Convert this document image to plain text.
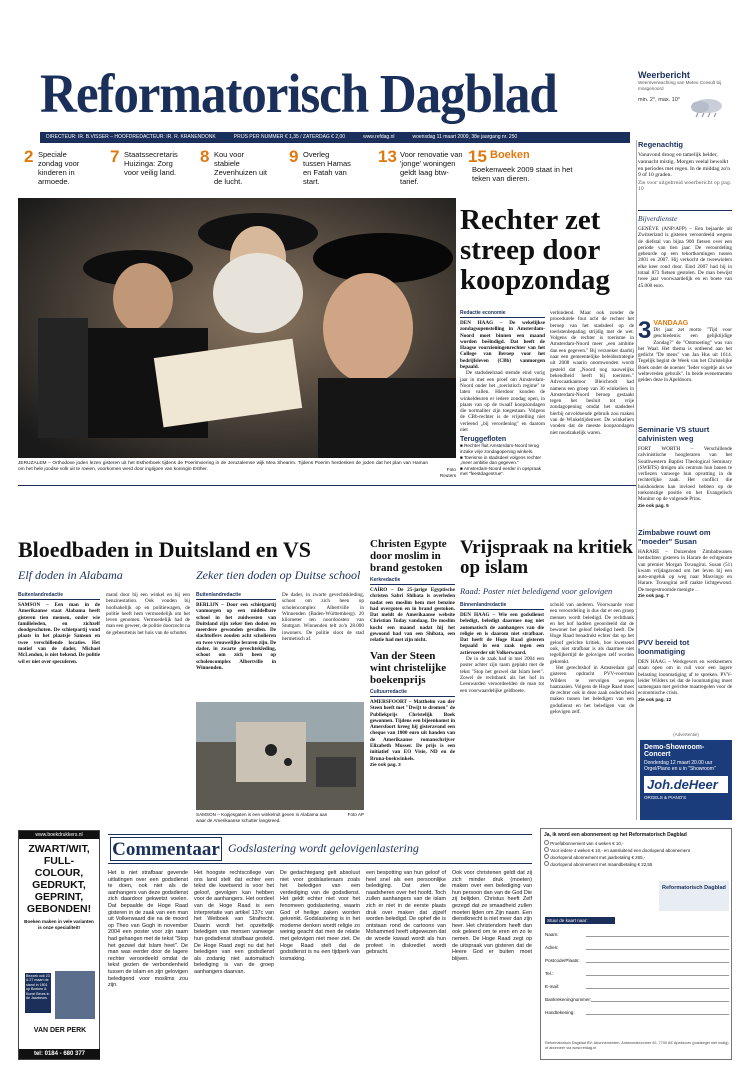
Reformatorisch Dagblad	Weerbericht
Weersverwachting van Meteo Consult bij mosgenoord
min. 2°, max. 10°
DIRECTEUR: IR. B.VISSER – HOOFDREDACTEUR: IR. R. KRANENDONK	PRIJS PER NUMMER € 1,35 / ZATERDAG € 2,00	www.refdag.nl	woensdag 11 maart 2009, 38e jaargang nr. 250
2 Speciale zondag voor kinderen in armoede.
7 Staatssecretaris Huizinga: Zorg voor veilig land.
8 Kou voor stabiele Zevenhuizen uit de lucht.
9 Overleg tussen Hamas en Fatah van start.
13 Voor renovatie van 'jonge' woningen geldt laag btw-tarief.
15 Boeken
Boekenweek 2009 staat in het teken van dieren.
Regenachtig
Vanavond droog en tamelijk helder, vannacht mistig. Morgen veelal bewolkt en periodes met regen. In de middag zo'n 9 of 10 graden.
Zie voor uitgebreid weerbericht op pag. 10
Bijverdienste
GENÈVE (ANP/AFP) – Een bejaarde uit Zwitserland is gisteren veroordeeld wegens de diefstal van bijna 900 fietsen over een periode van tien jaar. De veroordeling gebeurde op een tekortkomingen tussen 2001 en 2007. Hij verkocht de tweewielers elke keer rond door. Eind 2007 had hij in totaal 873 fietsen gestolen. De man bewijst twee jaar voorwaardelijk en en boete van 45.000 euro.
3 VANDAAG
Dit jaar zet motto "Tijd voor geschiedenis: een gelijktijdige Zondag?" de "Ontmoeting" was van het Waal. Het thema is ontleend aan het gedicht "De mens" van Jan Hus uit 1614. Tegelijk begint de Week van het Christelijke Boek onder de noemer "Ieder vogeltje als we weltevreden gebruik". In beide evenementen gelden deze in Apeldoorn.
Seminarie VS stuurt calvinisten weg
FORT WORTH – Verschillende calvinistische hoogleraren van het Southwestern Baptist Theological Seminary (SWBTS) dreigen als centrum hun banen te verliezen vanwege hun opvatting in de rechterlijke zaak. Het conflict die huishoudens kan invloed hebben op de toekomstige positie en het Evangelisch Monitor op de volgende Prins.
Zie ook pag. 5
Zimbabwe rouwt om "moeder" Susan
HARARE – Duizenden Zimbabwanen herdachten gisteren in Harare de echtgenote van premier Morgan Tsvangirai. Susan (51) kwam vrijdagavond om het leven bij een auto-ongeluk op weg naar Masvingo en Harare. Tsvangirai zelf raakte lichtgewond. De toegestroomde menigte ..
Zie ook pag. 7
PVV bereid tot loonmatiging
DEN HAAG – Werkgevers en werknemers staan open om in ruil voor een lagere belasting loonmatiging af te spreken. PVV-leider Wilders zei dat de loonmatiging moet samengaan met gerichte maatregelen voor de economische crisis.
Zie ook pag. 12
(Advertentie)
Demo-Showroom-Concert
Donderdag 12 maart 20.00 uur Orgel/Piano en u in "Showroom"
Joh.deHeer
ORGELS & PIANO'S
JERUZALEM – Orthodoxe joden lezen gisteren uit het Estherboek tijdens de Poerimviering in de Jeruzalemse wijk Mea Shearim. Tijdens Poerim herdenken de joden dat het plan van Haman om het hele joodse volk uit te roeien, voorkomen werd door ingrijpen van koningin Esther.	Foto Reuters
Rechter zet streep door koopzondag
Redactie economie
DEN HAAG – De wekelijkse zondagsopenstelling in Amsterdam-Noord moet binnen een maand worden beëindigd. Dat heeft de Haagse voorzieningenrechter van het College van Beroep voor het bedrijfsleven (CBb) vanmorgen bepaald.
De stadsdeelraad stemde eind vorig jaar in met een proef om Amsterdam-Noord onder het „toeristisch regime" te laten vallen. Hierdoor konden de winkeldeuren er iedere zondag open, in plaats van op de twaalf koopzondagen die normaliter zijn toegestaan. Volgens de CBb-rechter is de vrijstelling niet verleend „bij verordening" en daarom niet
Teruggefloten
■ Rechter fluit Amsterdam-Noord terug inzake vrije zondagopening winkels.
■ Toerisme in stadsdeel volgens rechter „meer ambitie dan gegeven."
■ Amsterdam-Noord eerder in opspraak met "feestdagentrue".
verbindend. Maar ook zonder de procedurele fout acht de rechter het beroep van het stadsdeel op de toeristenbepaling strijdig met de wet. Volgens de rechter is toerisme in Amsterdam-Noord meer „een ambitie dan een gegeven." Bij verzoeker daarbij naar een gemeentelijke beleidsstrategie uit 2008 waarin onomwonden wordt gesteld dat „Noord nog nauwelijks bekendheid heeft bij toeristen." Advocaatkantoor Bleichrodt had namens een groep van 36 winkeliers in Amsterdam-Noord beroep gestaakt tegen het besluit tot vrije zondagopening omdat het stadsdeel hierbij onvoldoende gebruik zou maken van de Winkeltijdenwet. De winkeliers vonden dat de meeste koopzondagen niet noodzakelijk waren.
Bloedbaden in Duitsland en VS
Elf doden in Alabama	Zeker tien doden op Duitse school
Buitenlandredactie
SAMSON – Een man in de Amerikaanse staat Alabama heeft gisteren tien mensen, onder wie familieleden, en zichzelf doodgeschoten. De schietpartij vond plaats in het plaatsje Samson en twee verschillende locaties. Het motief van de dader, Michael McLendon, is niet bekend. De politie wil er niet over speculeren.
mand door bij een winkel en bij een benzinestation. Ook vonden bij hoofsakelijk op en politiewagen, de politie heeft hem vermoedelijk om het leven genomen. Vermoedelijk had de man een geweer, de politie doorzocht na de gebeurtenis het huis van de schutter.
Buitenlandredactie
BERLIJN – Door een schietpartij vanmorgen op een middelbare school in het zuidwesten van Duitsland zijn zeker tien doden en meerdere gewonden gevallen. De slachtoffers zouden acht scholieren en twee vrouwelijke leraren zijn. De dader, in zwarte gevechtskleding, schoot om zich heen op scholencomplex Albertville in Winnenden.
De dader, in zwarte gevechtskleding, schoot om zich heen op scholencomplex Albertville in Winnenden (Baden-Württemberg). 20 kilometer ten noordoosten van Stuttgart. Winnenden telt zo'n 28.000 inwoners. De politie sloot de stad hermetisch af.
SAMSON – Kopjesgaten is een winkelruit geven in Alabama aan waar de Amerikaanse schutter langsreed.
Foto AP
Christen Egypte door moslim in brand gestoken
Kerkredactie
CAÏRO – De 25-jarige Egyptische christen Sabri Shibata is overleden nadat een moslim hem met benzine had overgoten en in brand gestoken. Dat meldt de Amerikaanse website Christian Today vandaag. De moslim kocht een maand nadat hij het gewoond had van een Shibata, een relatie had met zijn nicht.
Van der Steen wint christelijke boekenprijs
Cultuurredactie
AMERSFOORT – Matthelm van der Steen heeft met "Dwijt te dromen" de Publiekprijs Christelijk Boek gewonnen. Tijdens een bijeenkomst in Amersfoort kreeg hij gisteravond een cheque van 1000 euro uit handen van de Amerikaanse romanschrijver Elizabeth Musser. De prijs is een initiatief van EO Visie, ND en de Bruna-boekwinkels.
Zie ook pag. 3
Vrijspraak na kritiek op islam
Raad: Poster niet beledigend voor gelovigen
Binnenlandredactie
DEN HAAG – Wie een godsdienst beledigt, beledigt daarmee nog niet automatisch de aanhangers van die religie en is daarom niet strafbaar. Dat heeft de Hoge Raad gisteren bepaald in een zaak tegen een actievoerder uit Volkerwaard.
De in de zaak had in mei 2004 een poster achter zijn raam geplakt met de tekst "Stop het gezwel dat Islam heet". Zowel de rechtbank als het hof in Leeuwarden veroordeelden de man tot een voorwaardelijke geldboete.
schuld van anderen. Voorwaarde voor een veroordeling is dus dat er een groep mensen wordt beledigd. De rechtbank en het hof hadden geoordeeld dat de bewoner het geloof beledigd heeft. De Hoge Raad benadrukt echter dat op het geloof gerichte kritiek, hoe kwetsend ook, niet strafbaar is als daarmee niet tegelijkertijd de gelovigen zelf worden gekrenkt.
Het gerechtshof in Amsterdam gaf gisteren opdracht PVV-voorman Wilders te vervolgen wegens haatzaaien. Volgens de Hoge Raad moet de rechter ook in deze zaak onderscheid maken tussen het beledigen van een godsdienst en het beledigen van de gelovigen zelf.
www.boekdrukkers.nl
ZWART/WIT, FULL-COLOUR, GEDRUKT, GEPRINT, GEBONDEN!
Boeken maken in vele varianten is onze specialiteit!
Bezoek ook 23 & 27 maart de stand in 1801 op Boeken & Kunst Beurs in de Jaarbeurs
VAN DER PERK
tel: 0184 - 680 377
Commentaar Godslastering wordt gelovigenlastering
Het is niet strafbaar gevende uitlatingen over een godsdienst te doen, ook niet als de aanhangers van deze godsdienst zich daardoor gekwetst voelen. Dat bepaalde de Hoge Raad gisteren in de zaak van een man uit Volkerwaard die na de moord op Theo van Gogh in november 2004 een poster voor zijn raam had gehangen met de tekst "Stop het gezwel dat Islam heet". De man was eerder door de lagere rechter veroordeeld omdat de tekst gezien de verbondenheid tussen de islam en zijn gelovigen beledigend voor moslims zou zijn.
Het hoogste rechtscollege van ons land stelt dat echter een tekst die kwetsend is voor het geloof, gevolgen kan hebben voor de aanhangers. Het oordeel van de Hoge Raad is een interpretatie van artikel 137c van het Wetboek van Strafrecht. Daarin wordt het opzettelijk beledigen van mensen vanwege hun godsdienst strafbaar gesteld. De Hoge Raad zegt nu dat het beledigen van een godsdienst als zodanig niet automatisch belediging is van de groep aanhangers daarvan.
De gedachtegang gelt absoluut niet voor godslasteraars zoals het beledigen van een verdediging van de godsdienst. Het geldt echter niet voor het fenomeen godslastering, waarin God of heilige zaken worden gekrenkt. Godslastering is in het moderne denken wordt religie zo weinig geacht dat men de relatie met gelovigen niet meer ziet. De Hoge Raad stelt dat de godsdienst is nu een tijdperk van losmaking.
een bespotting van hun geloof of heel snel als een persoonlijke belediging. Dat zien de naadsheren over het hoofd. Toch zullen aanhangers van de islam zich er niet in de eerste plaats druk over maken dat zijzelf worden beledigd. De ophef die is ontstaan rond de cartoons van Mohammed heeft uitgewezen dat de woede kwaad wordt als hun profeet in diskrediet wordt gebracht.
Ook voor christenen geldt dat zij zich minder druk (moeten) maken over een belediging van hun persoon dan van de God Die zij belijden. Christus heeft Zelf gezegd dat ze smaadheid zullen moeten lijden om Zijn naam. Een dienstknecht is niet meer dan zijn heer. Het christendom heeft dan ook geleerd om te eren en zo te nemen. De Hoge Raad zegt op de uitspraak van gisteren dat de Heere God er buiten moet blijven.
Ja, ik word een abonnement op het Reformatorisch Dagblad
Proefabonnement van 4 weken € 10,-
Voor iedere 4 weken € 10,- en aansluitend een doorlopend abonnement
doorlopend abonnement met jaarbetaling € 265,-
doorlopend abonnement met maandbetaling € 22,55
Reformatorisch Dagblad
Stuur de kaart naar:
Naam:
Adres:
Postcode/Plaats:
Tel.:
E-mail:
Bankrekeningnummer:
Handtekening:
Reformatorisch Dagblad BV, Abonnementen, Antwoordnummer 92, 7700 AE Apeldoorn (postzegel niet nodig) of abonneer via www.refdag.nl
